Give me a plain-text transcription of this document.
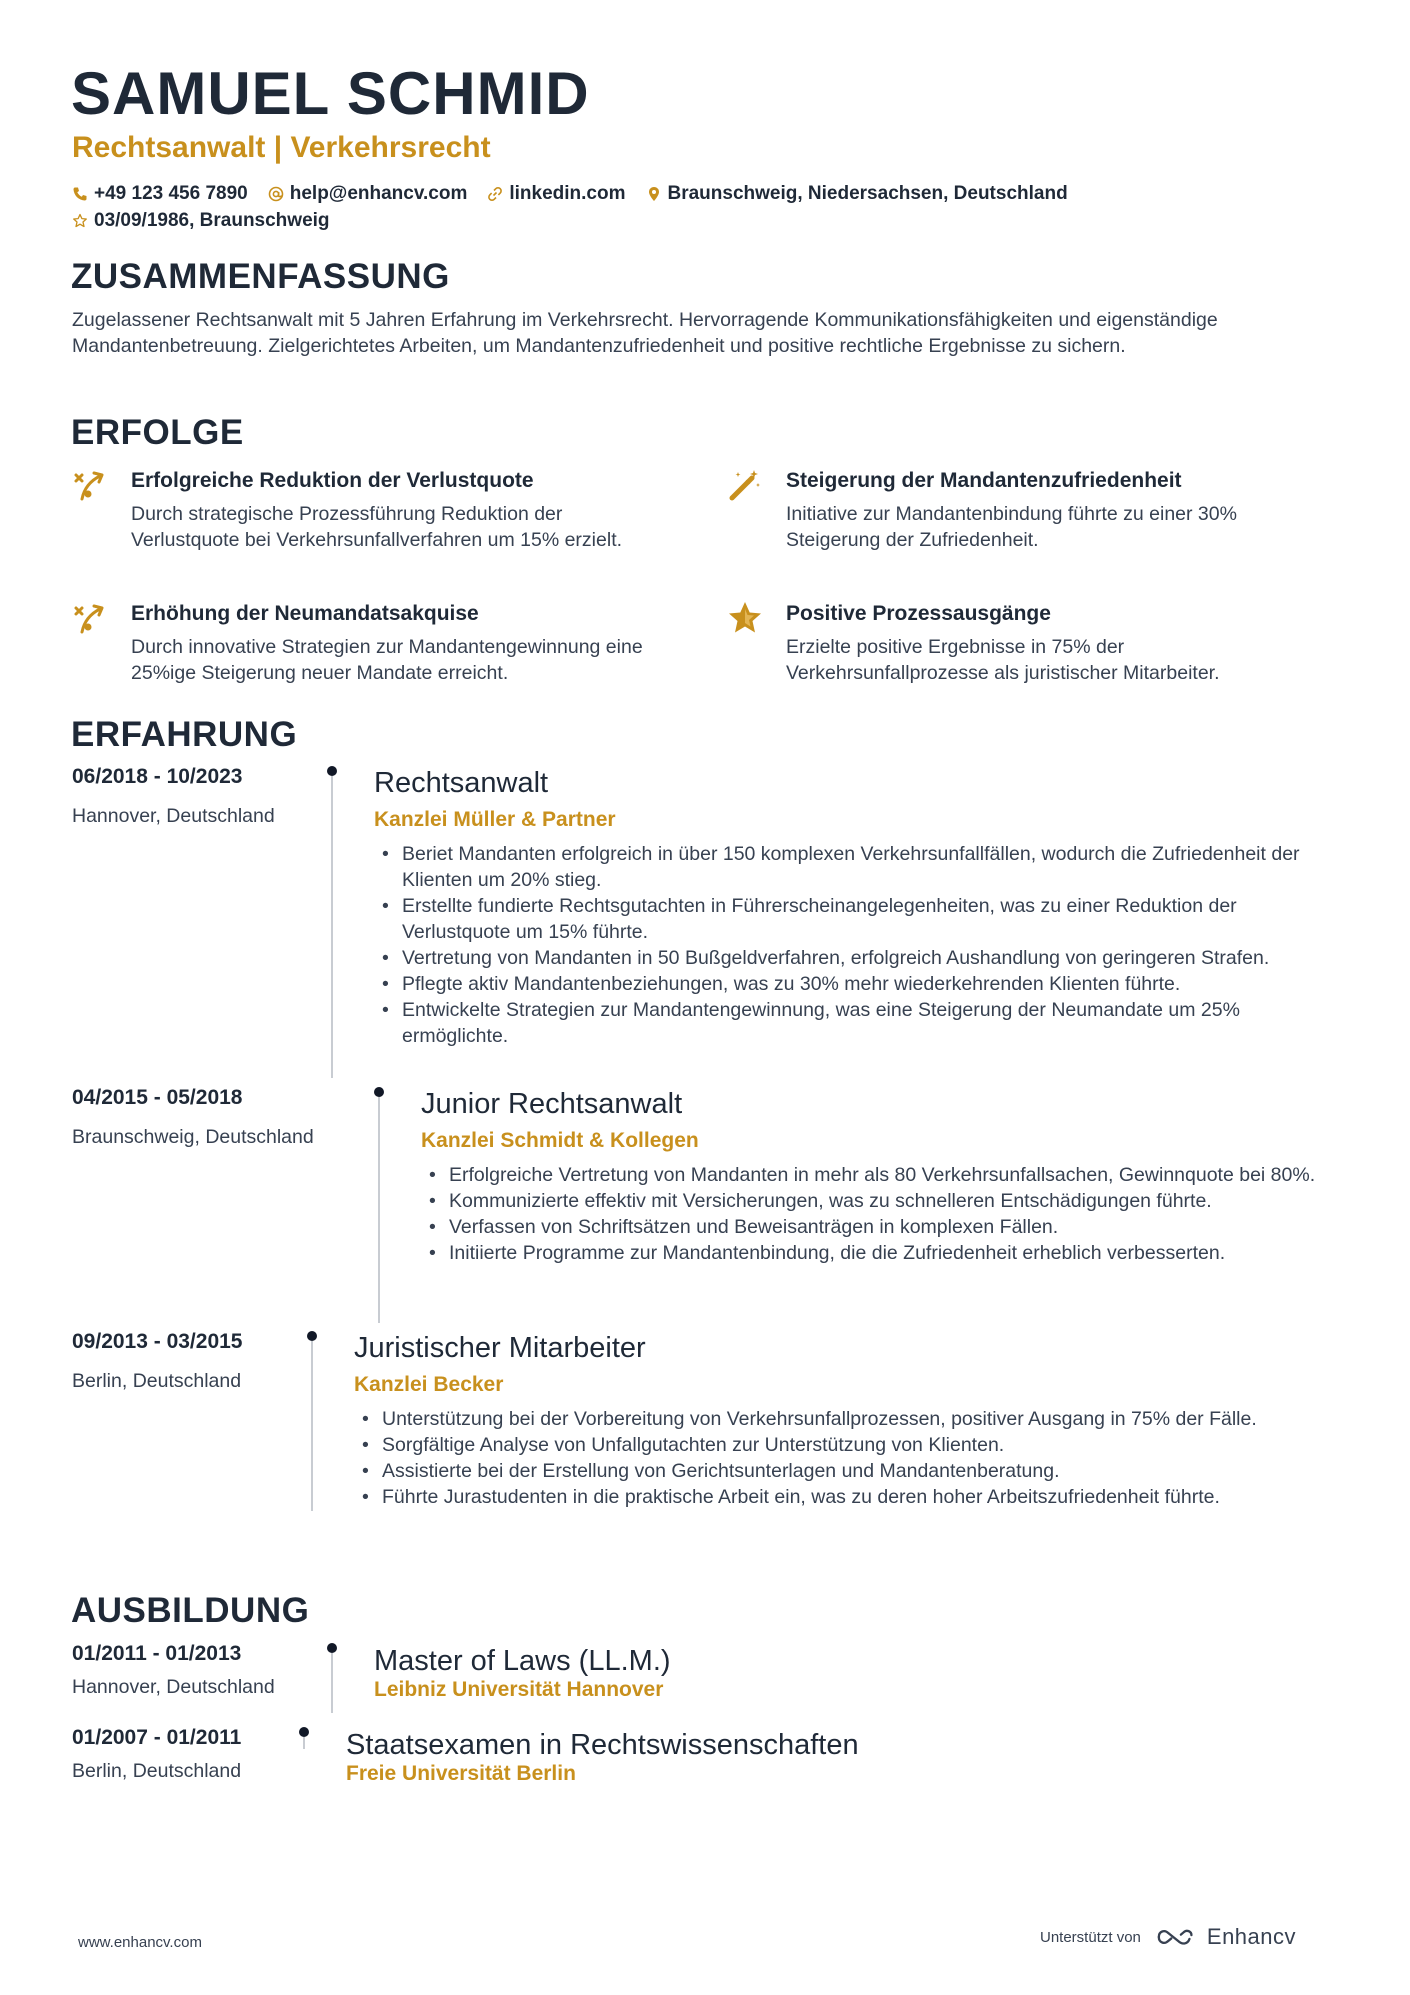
SAMUEL SCHMID
Rechtsanwalt | Verkehrsrecht
+49 123 456 7890 help@enhancv.com linkedin.com Braunschweig, Niedersachsen, Deutschland
03/09/1986, Braunschweig
ZUSAMMENFASSUNG
Zugelassener Rechtsanwalt mit 5 Jahren Erfahrung im Verkehrsrecht. Hervorragende Kommunikationsfähigkeiten und eigenständige Mandantenbetreuung. Zielgerichtetes Arbeiten, um Mandantenzufriedenheit und positive rechtliche Ergebnisse zu sichern.
ERFOLGE
Erfolgreiche Reduktion der Verlustquote
Durch strategische Prozessführung Reduktion der Verlustquote bei Verkehrsunfallverfahren um 15% erzielt.
Steigerung der Mandantenzufriedenheit
Initiative zur Mandantenbindung führte zu einer 30% Steigerung der Zufriedenheit.
Erhöhung der Neumandatsakquise
Durch innovative Strategien zur Mandantengewinnung eine 25%ige Steigerung neuer Mandate erreicht.
Positive Prozessausgänge
Erzielte positive Ergebnisse in 75% der Verkehrsunfallprozesse als juristischer Mitarbeiter.
ERFAHRUNG
06/2018 - 10/2023
Hannover, Deutschland
Rechtsanwalt
Kanzlei Müller & Partner
• Beriet Mandanten erfolgreich in über 150 komplexen Verkehrsunfallfällen, wodurch die Zufriedenheit der Klienten um 20% stieg.
• Erstellte fundierte Rechtsgutachten in Führerscheinangelegenheiten, was zu einer Reduktion der Verlustquote um 15% führte.
• Vertretung von Mandanten in 50 Bußgeldverfahren, erfolgreich Aushandlung von geringeren Strafen.
• Pflegte aktiv Mandantenbeziehungen, was zu 30% mehr wiederkehrenden Klienten führte.
• Entwickelte Strategien zur Mandantengewinnung, was eine Steigerung der Neumandate um 25% ermöglichte.
04/2015 - 05/2018
Braunschweig, Deutschland
Junior Rechtsanwalt
Kanzlei Schmidt & Kollegen
• Erfolgreiche Vertretung von Mandanten in mehr als 80 Verkehrsunfallsachen, Gewinnquote bei 80%.
• Kommunizierte effektiv mit Versicherungen, was zu schnelleren Entschädigungen führte.
• Verfassen von Schriftsätzen und Beweisanträgen in komplexen Fällen.
• Initiierte Programme zur Mandantenbindung, die die Zufriedenheit erheblich verbesserten.
09/2013 - 03/2015
Berlin, Deutschland
Juristischer Mitarbeiter
Kanzlei Becker
• Unterstützung bei der Vorbereitung von Verkehrsunfallprozessen, positiver Ausgang in 75% der Fälle.
• Sorgfältige Analyse von Unfallgutachten zur Unterstützung von Klienten.
• Assistierte bei der Erstellung von Gerichtsunterlagen und Mandantenberatung.
• Führte Jurastudenten in die praktische Arbeit ein, was zu deren hoher Arbeitszufriedenheit führte.
AUSBILDUNG
01/2011 - 01/2013
Hannover, Deutschland
Master of Laws (LL.M.)
Leibniz Universität Hannover
01/2007 - 01/2011
Berlin, Deutschland
Staatsexamen in Rechtswissenschaften
Freie Universität Berlin
www.enhancv.com	Unterstützt von	Enhancv
